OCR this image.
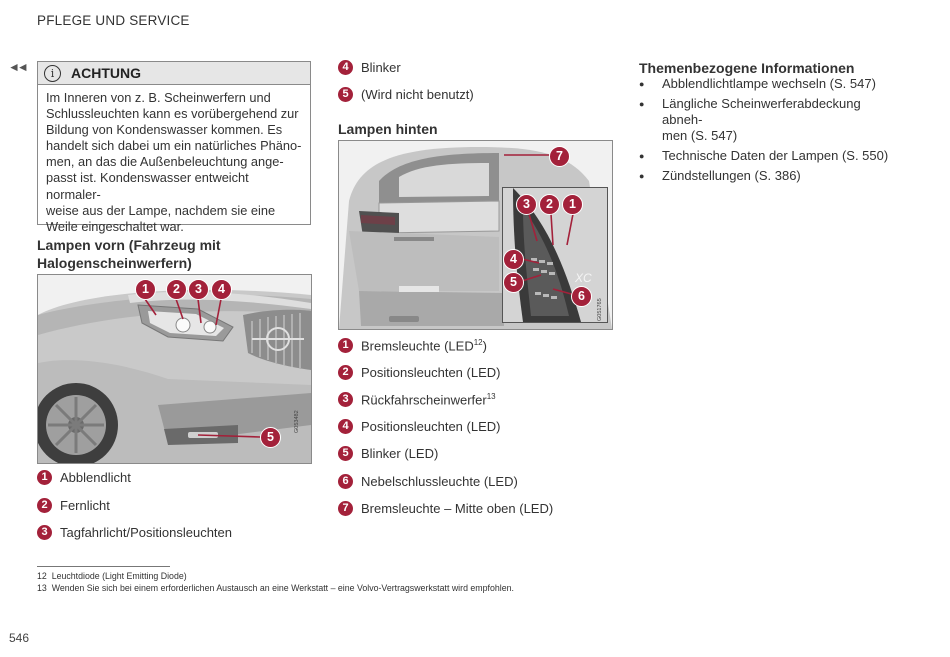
PFLEGE UND SERVICE
◄◄	i	ACHTUNG
Im Inneren von z. B. Scheinwerfern und
Schlussleuchten kann es vorübergehend zur
Bildung von Kondenswasser kommen. Es
handelt sich dabei um ein natürliches Phäno-
men, an das die Außenbeleuchtung ange-
passt ist. Kondenswasser entweicht normaler-
weise aus der Lampe, nachdem sie eine
Weile eingeschaltet war.
Lampen vorn (Fahrzeug mit
Halogenscheinwerfern)
1	2	3	4
5
G053482
1 Abblendlicht
2 Fernlicht
3 Tagfahrlicht/Positionsleuchten
4 Blinker
5 (Wird nicht benutzt)
Lampen hinten
XC
7
3	2	1
4
5
6
G051765
1 Bremsleuchte (LED$^{12}$)
2 Positionsleuchten (LED)
3 Rückfahrscheinwerfer$^{13}$
4 Positionsleuchten (LED)
5 Blinker (LED)
6 Nebelschlussleuchte (LED)
7 Bremsleuchte – Mitte oben (LED)
Themenbezogene Informationen
● Abblendlichtlampe wechseln (S. 547)
● Längliche Scheinwerferabdeckung abneh-
men (S. 547)
● Technische Daten der Lampen (S. 550)
● Zündstellungen (S. 386)
12 Leuchtdiode (Light Emitting Diode)
13 Wenden Sie sich bei einem erforderlichen Austausch an eine Werkstatt – eine Volvo-Vertragswerkstatt wird empfohlen.
546
